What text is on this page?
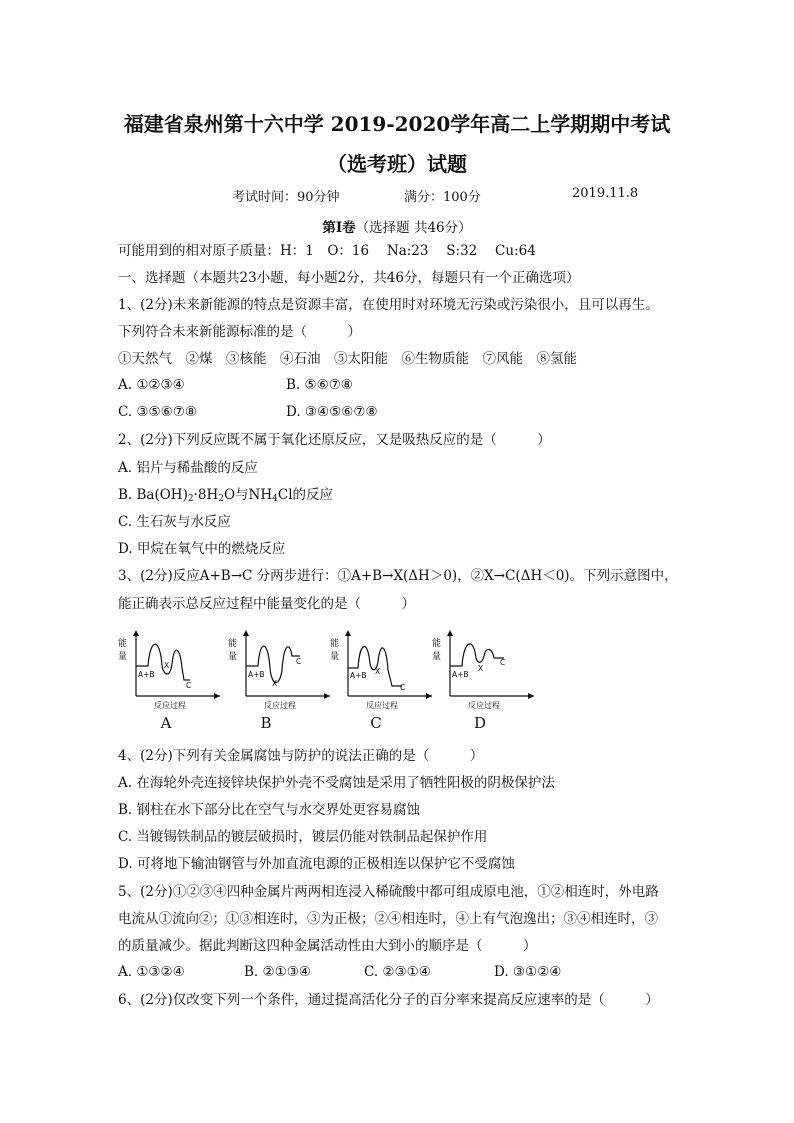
福建省泉州第十六中学 2019-2020学年高二上学期期中考试
（选考班）试题
考试时间：90分钟	满分：100分	2019.11.8
第Ⅰ卷（选择题 共46分）
可能用到的相对原子质量：H：1　O：16　 Na:23　 S:32　 Cu:64
一、选择题（本题共23小题，每小题2分，共46分，每题只有一个正确选项）
1、(2分)未来新能源的特点是资源丰富，在使用时对环境无污染或污染很小，且可以再生。
下列符合未来新能源标准的是（　　　）
①天然气　②煤　③核能　④石油　⑤太阳能　⑥生物质能　⑦风能　⑧氢能
A. ①②③④	B. ⑤⑥⑦⑧
C. ③⑤⑥⑦⑧	D. ③④⑤⑥⑦⑧
2、(2分)下列反应既不属于氧化还原反应，又是吸热反应的是（　　　）
A. 铝片与稀盐酸的反应
B. $Ba(OH)_2\cdot 8H_2O$与$NH_4Cl$的反应
C. 生石灰与水反应
D. 甲烷在氧气中的燃烧反应
3、(2分)反应A+B→C 分两步进行：①A+B→X(ΔH＞0)，②X→C(ΔH＜0)。下列示意图中，
能正确表示总反应过程中能量变化的是（　　　）
能
量
A+B
X
C
反应过程
A
能
量
A+B
X
C
反应过程
B
能
量
A+B X
C
反应过程
C
能
量
A+B
X
C
反应过程
D
4、(2分)下列有关金属腐蚀与防护的说法正确的是（　　　）
A. 在海轮外壳连接锌块保护外壳不受腐蚀是采用了牺牲阳极的阴极保护法
B. 钢柱在水下部分比在空气与水交界处更容易腐蚀
C. 当镀锡铁制品的镀层破损时，镀层仍能对铁制品起保护作用
D. 可将地下输油钢管与外加直流电源的正极相连以保护它不受腐蚀
5、(2分)①②③④四种金属片两两相连浸入稀硫酸中都可组成原电池，①②相连时，外电路
电流从①流向②；①③相连时，③为正极；②④相连时，④上有气泡逸出；③④相连时，③
的质量减少。据此判断这四种金属活动性由大到小的顺序是（　　　）
A. ①③②④	B. ②①③④	C. ②③①④	D. ③①②④
6、(2分)仅改变下列一个条件，通过提高活化分子的百分率来提高反应速率的是（　　　）
